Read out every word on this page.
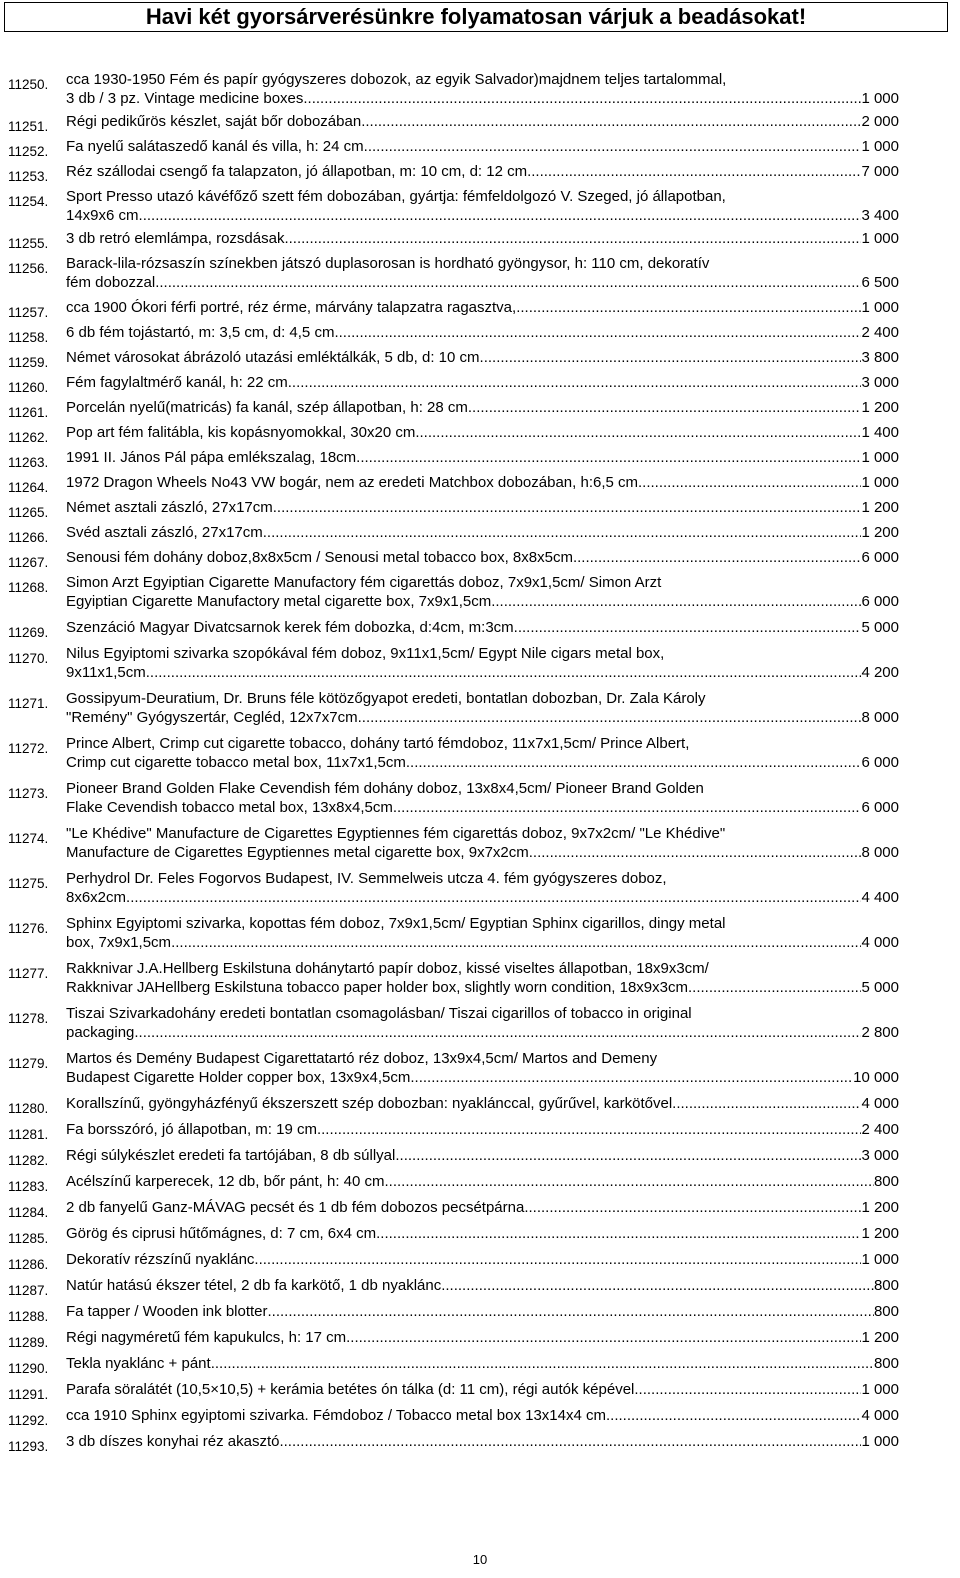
Havi két gyorsárverésünkre folyamatosan várjuk a beadásokat!
11250. cca 1930-1950 Fém és papír gyógyszeres dobozok, az egyik Salvador)majdnem teljes tartalommal,
3 db / 3 pz. Vintage medicine boxes .....	1 000
11251. Régi pedikűrös készlet, saját bőr dobozában .....	2 000
11252. Fa nyelű salátaszedő kanál és villa, h: 24 cm .....	1 000
11253. Réz szállodai csengő fa talapzaton, jó állapotban, m: 10 cm, d: 12 cm .....	7 000
11254. Sport Presso utazó kávéfőző szett fém dobozában, gyártja: fémfeldolgozó V. Szeged, jó állapotban,
14x9x6 cm .....	3 400
11255. 3 db retró elemlámpa, rozsdásak .....	1 000
11256. Barack-lila-rózsaszín színekben játszó duplasorosan is hordható gyöngysor, h: 110 cm, dekoratív
fém dobozzal .....	6 500
11257. cca 1900 Ókori férfi portré, réz érme, márvány talapzatra ragasztva, .....	1 000
11258. 6 db fém tojástartó, m: 3,5 cm, d: 4,5 cm .....	2 400
11259. Német városokat ábrázoló utazási emléktálkák, 5 db, d: 10 cm .....	3 800
11260. Fém fagylaltmérő kanál, h: 22 cm .....	3 000
11261. Porcelán nyelű(matricás) fa kanál, szép állapotban, h: 28 cm .....	1 200
11262. Pop art fém falitábla, kis kopásnyomokkal, 30x20 cm .....	1 400
11263. 1991 II. János Pál pápa emlékszalag, 18cm .....	1 000
11264. 1972 Dragon Wheels No43 VW bogár, nem az eredeti Matchbox dobozában, h:6,5 cm .....	1 000
11265. Német asztali zászló, 27x17cm .....	1 200
11266. Svéd asztali zászló, 27x17cm .....	1 200
11267. Senousi fém dohány doboz,8x8x5cm / Senousi metal tobacco box, 8x8x5cm .....	6 000
11268. Simon Arzt Egyiptian Cigarette Manufactory fém cigarettás doboz, 7x9x1,5cm/ Simon Arzt
Egyiptian Cigarette Manufactory metal cigarette box, 7x9x1,5cm .....	6 000
11269. Szenzáció Magyar Divatcsarnok kerek fém dobozka, d:4cm, m:3cm .....	5 000
11270. Nilus Egyiptomi szivarka szopókával fém doboz, 9x11x1,5cm/ Egypt Nile cigars metal box,
9x11x1,5cm .....	4 200
11271. Gossipyum-Deuratium, Dr. Bruns féle kötözőgyapot eredeti, bontatlan dobozban, Dr. Zala Károly
"Remény" Gyógyszertár, Cegléd, 12x7x7cm .....	8 000
11272. Prince Albert, Crimp cut cigarette tobacco, dohány tartó fémdoboz, 11x7x1,5cm/ Prince Albert,
Crimp cut cigarette tobacco metal box, 11x7x1,5cm .....	6 000
11273. Pioneer Brand Golden Flake Cevendish fém dohány doboz, 13x8x4,5cm/ Pioneer Brand Golden
Flake Cevendish tobacco metal box, 13x8x4,5cm .....	6 000
11274. "Le Khédive" Manufacture de Cigarettes Egyptiennes fém cigarettás doboz, 9x7x2cm/ "Le Khédive"
Manufacture de Cigarettes Egyptiennes metal cigarette box, 9x7x2cm .....	8 000
11275. Perhydrol Dr. Feles Fogorvos Budapest, IV. Semmelweis utcza 4. fém gyógyszeres doboz,
8x6x2cm .....	4 400
11276. Sphinx Egyiptomi szivarka, kopottas fém doboz, 7x9x1,5cm/ Egyptian Sphinx cigarillos, dingy metal
box, 7x9x1,5cm .....	4 000
11277. Rakknivar J.A.Hellberg Eskilstuna dohánytartó papír doboz, kissé viseltes állapotban, 18x9x3cm/
Rakknivar JAHellberg Eskilstuna tobacco paper holder box, slightly worn condition, 18x9x3cm .....	5 000
11278. Tiszai Szivarkadohány eredeti bontatlan csomagolásban/ Tiszai cigarillos of tobacco in original
packaging .....	2 800
11279. Martos és Demény Budapest Cigarettatartó réz doboz, 13x9x4,5cm/ Martos and Demeny
Budapest Cigarette Holder copper box, 13x9x4,5cm .....	10 000
11280. Korallszínű, gyöngyházfényű ékszerszett szép dobozban: nyaklánccal, gyűrűvel, karkötővel .....	4 000
11281. Fa borsszóró, jó állapotban, m: 19 cm .....	2 400
11282. Régi súlykészlet eredeti fa tartójában, 8 db súllyal .....	3 000
11283. Acélszínű karperecek, 12 db, bőr pánt, h: 40 cm .....	800
11284. 2 db fanyelű Ganz-MÁVAG pecsét és 1 db fém dobozos pecsétpárna .....	1 200
11285. Görög és ciprusi hűtőmágnes, d: 7 cm, 6x4 cm .....	1 200
11286. Dekoratív rézszínű nyaklánc .....	1 000
11287. Natúr hatású ékszer tétel, 2 db fa karkötő, 1 db nyaklánc .....	800
11288. Fa tapper / Wooden ink blotter .....	800
11289. Régi nagyméretű fém kapukulcs, h: 17 cm .....	1 200
11290. Tekla nyaklánc + pánt .....	800
11291. Parafa söralátét (10,5×10,5) + kerámia betétes ón tálka (d: 11 cm), régi autók képével .....	1 000
11292. cca 1910 Sphinx egyiptomi szivarka. Fémdoboz / Tobacco metal box 13x14x4 cm .....	4 000
11293. 3 db díszes konyhai réz akasztó .....	1 000
10
